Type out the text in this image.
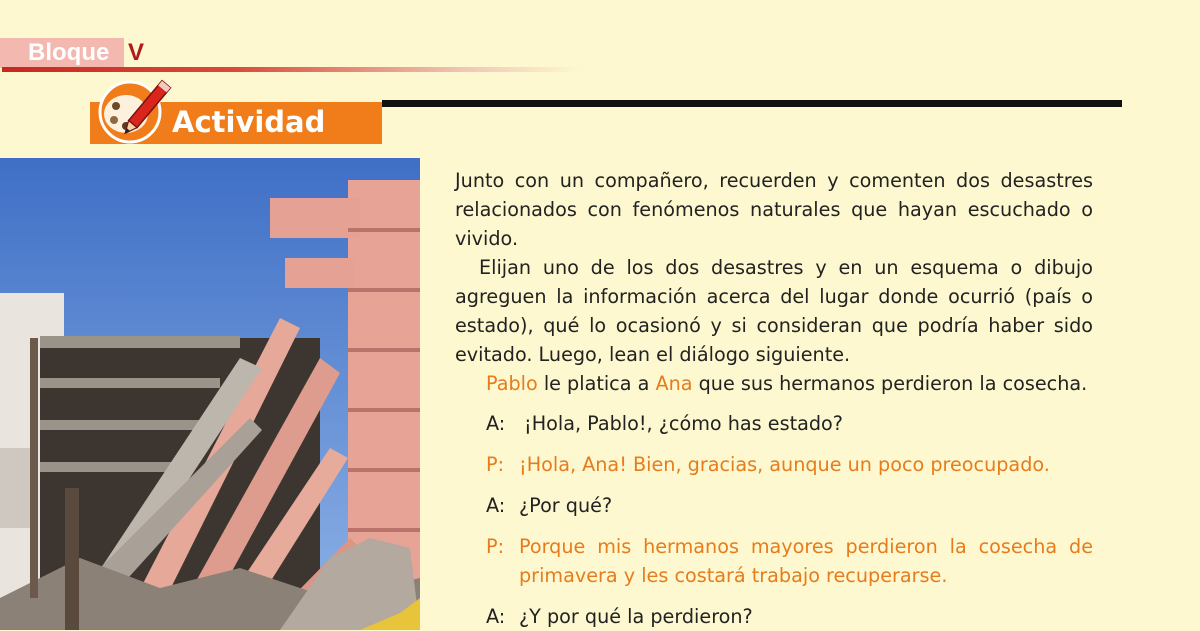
Bloque V
Actividad

Junto con un compañero, recuerden y comenten dos desastres relacionados con fenómenos naturales que hayan escuchado o vivido.

Elijan uno de los dos desastres y en un esquema o dibujo agreguen la información acerca del lugar donde ocurrió (país o estado), qué lo ocasionó y si consideran que podría haber sido evitado. Luego, lean el diálogo siguiente.

Pablo le platica a Ana que sus hermanos perdieron la cosecha.

A: ¡Hola, Pablo!, ¿cómo has estado?
P: ¡Hola, Ana! Bien, gracias, aunque un poco preocupado.
A: ¿Por qué?
P: Porque mis hermanos mayores perdieron la cosecha de primavera y les costará trabajo recuperarse.
A: ¿Y por qué la perdieron?
